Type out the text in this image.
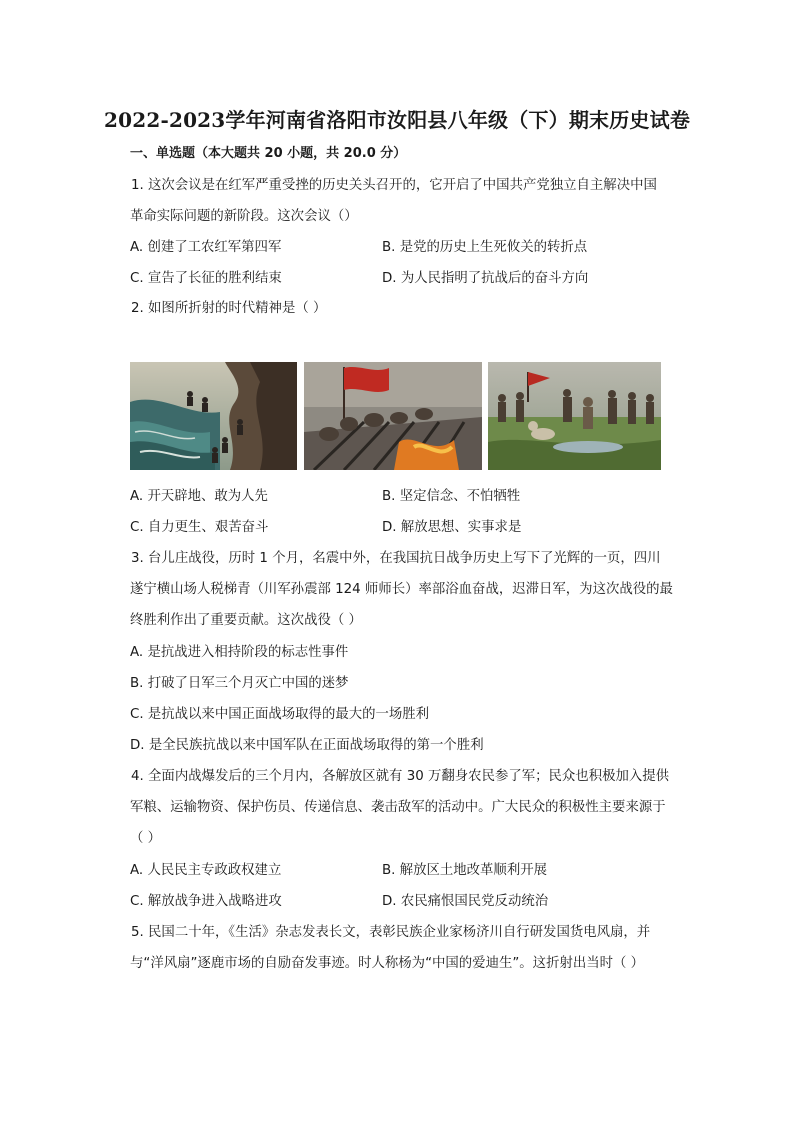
2022-2023学年河南省洛阳市汝阳县八年级（下）期末历史试卷
一、单选题（本大题共 20 小题，共 20.0 分）
1. 这次会议是在红军严重受挫的历史关头召开的，它开启了中国共产党独立自主解决中国
革命实际问题的新阶段。这次会议（）
A. 创建了工农红军第四军	B. 是党的历史上生死攸关的转折点
C. 宣告了长征的胜利结束	D. 为人民指明了抗战后的奋斗方向
2. 如图所折射的时代精神是（ ）
A. 开天辟地、敢为人先	B. 坚定信念、不怕牺牲
C. 自力更生、艰苦奋斗	D. 解放思想、实事求是
3. 台儿庄战役，历时 1 个月，名震中外，在我国抗日战争历史上写下了光辉的一页，四川
遂宁横山场人税梯青（川军孙震部 124 师师长）率部浴血奋战，迟滞日军，为这次战役的最
终胜利作出了重要贡献。这次战役（ ）
A. 是抗战进入相持阶段的标志性事件
B. 打破了日军三个月灭亡中国的迷梦
C. 是抗战以来中国正面战场取得的最大的一场胜利
D. 是全民族抗战以来中国军队在正面战场取得的第一个胜利
4. 全面内战爆发后的三个月内，各解放区就有 30 万翻身农民参了军；民众也积极加入提供
军粮、运输物资、保护伤员、传递信息、袭击敌军的活动中。广大民众的积极性主要来源于
（ ）
A. 人民民主专政政权建立	B. 解放区土地改革顺利开展
C. 解放战争进入战略进攻	D. 农民痛恨国民党反动统治
5. 民国二十年，《生活》杂志发表长文，表彰民族企业家杨济川自行研发国货电风扇，并
与“洋风扇”逐鹿市场的自励奋发事迹。时人称杨为“中国的爱迪生”。这折射出当时（ ）
